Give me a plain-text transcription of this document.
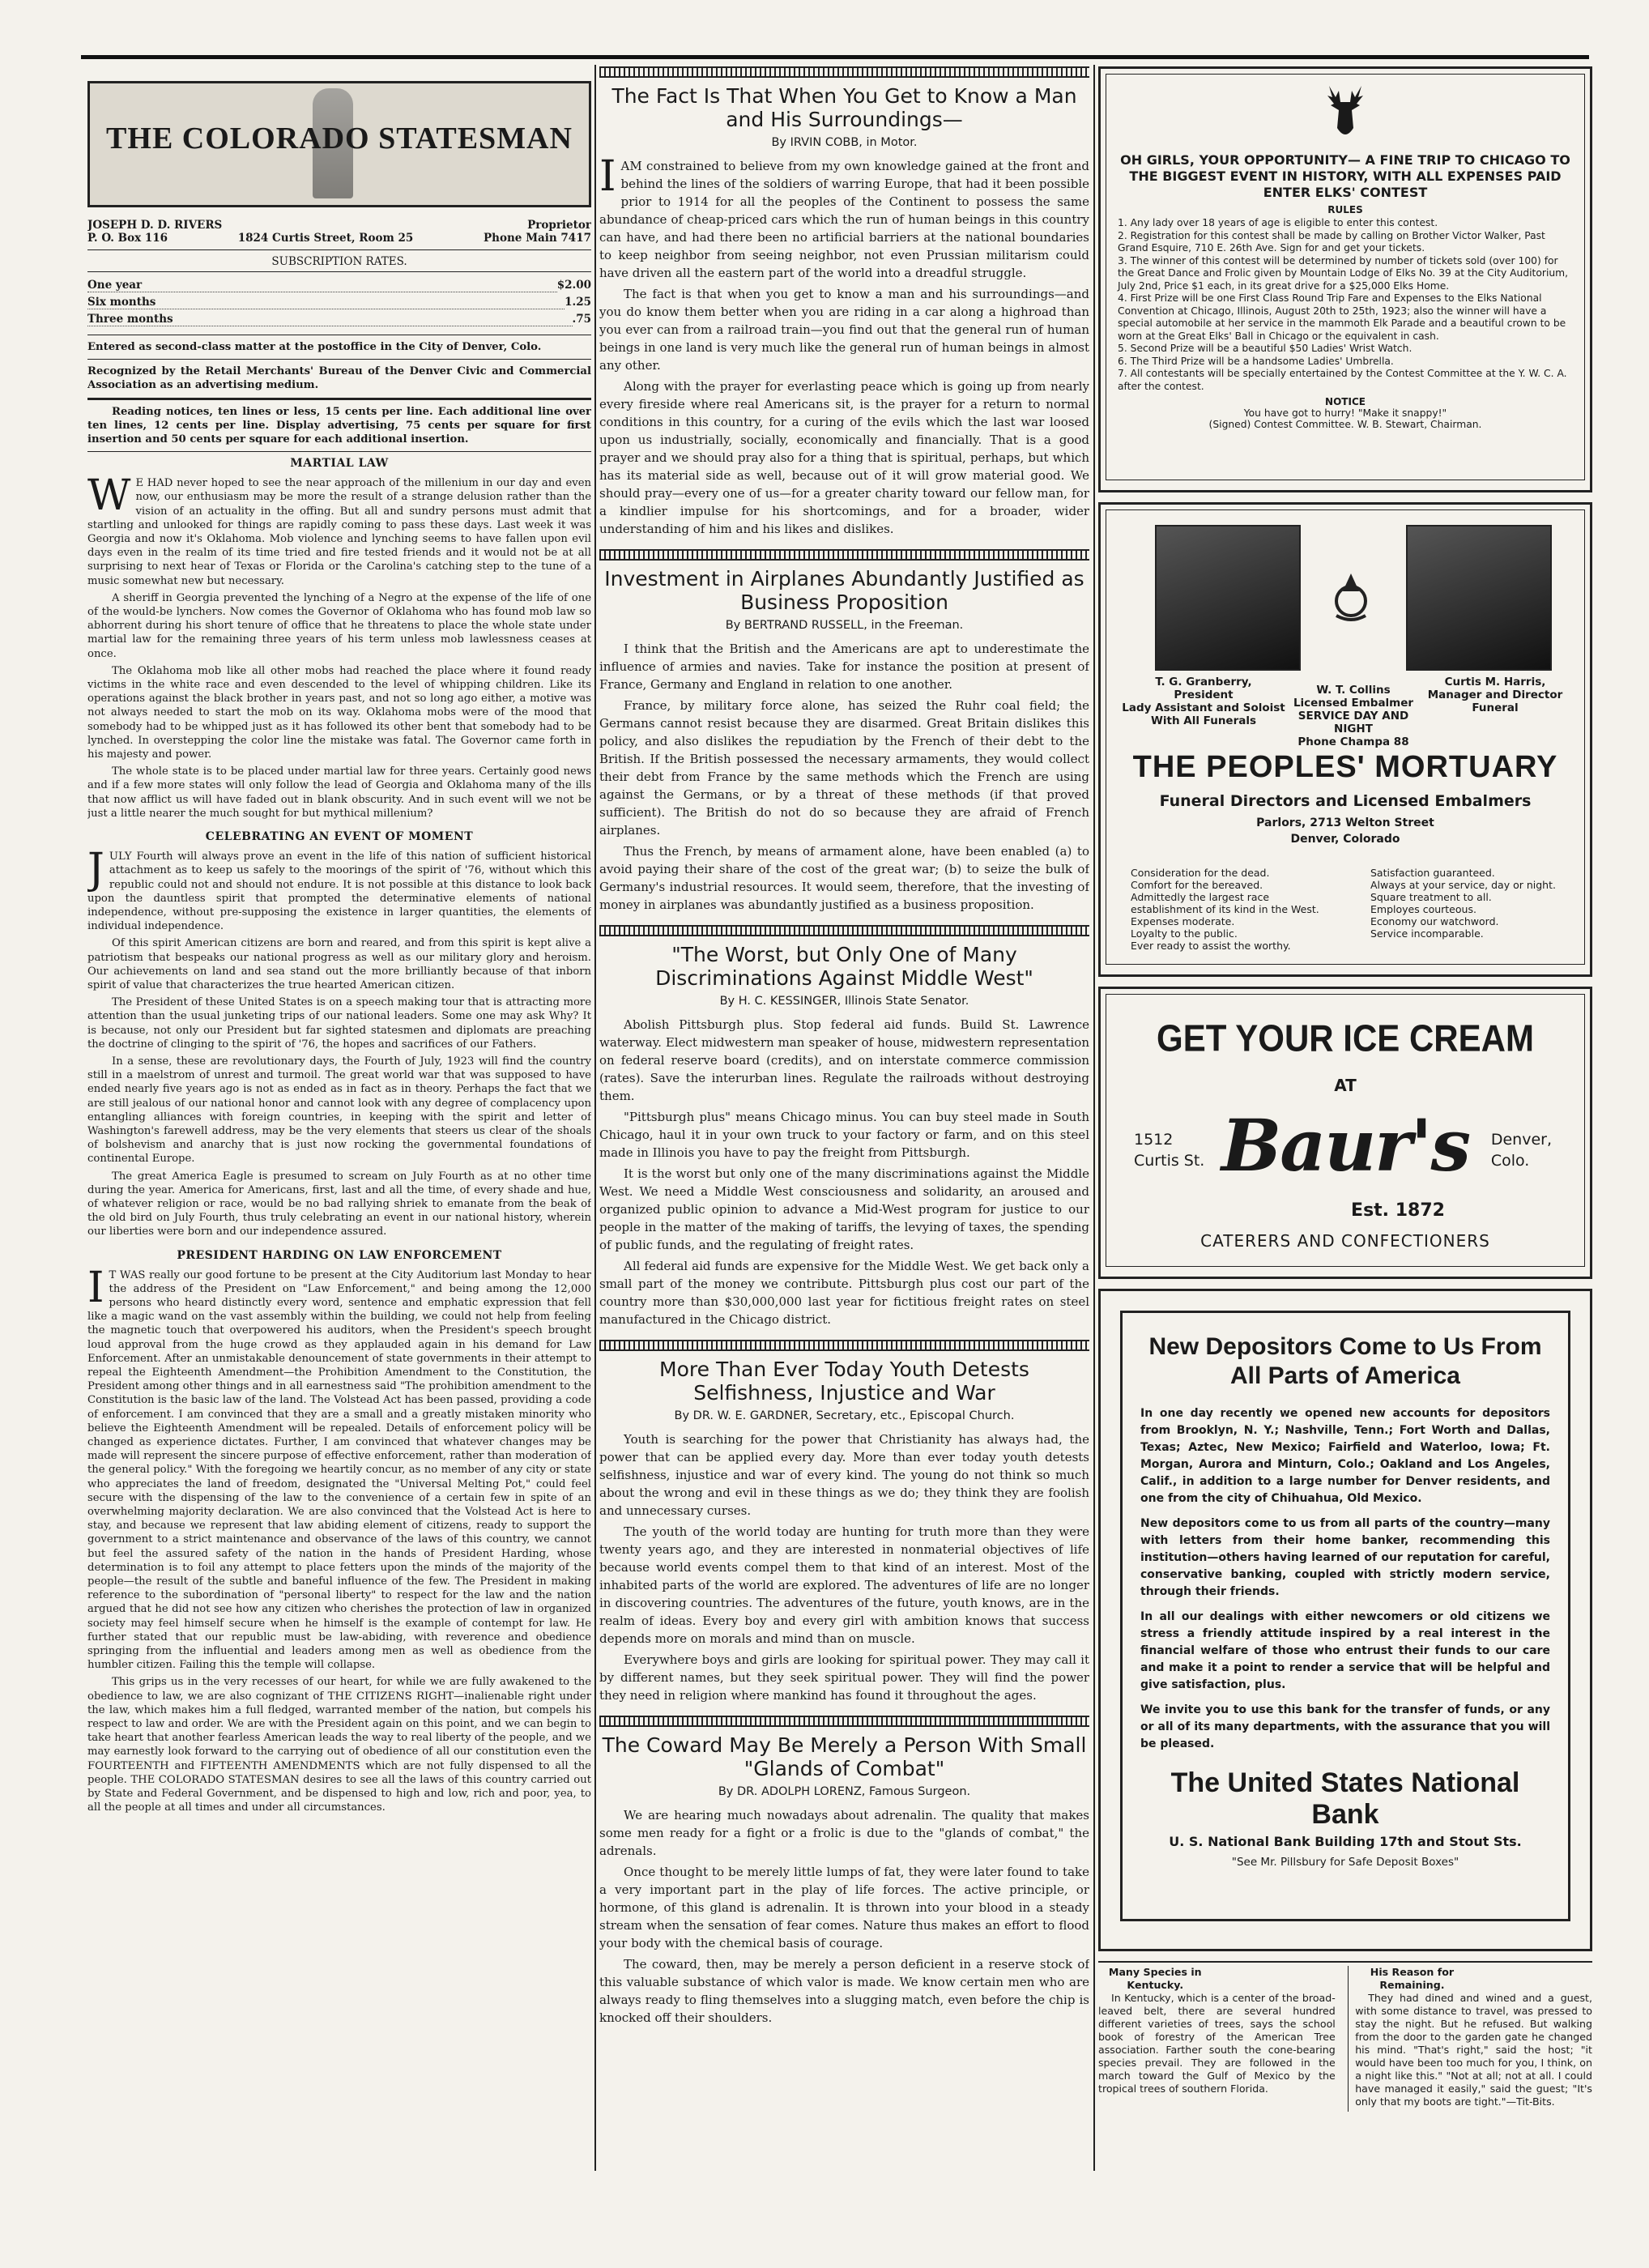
THE COLORADO STATESMAN
JOSEPH D. D. RIVERS	Proprietor
P. O. Box 116	1824 Curtis Street, Room 25	Phone Main 7417
SUBSCRIPTION RATES.
One year	$2.00
Six months	1.25
Three months	.75

Entered as second-class matter at the postoffice in the City of Denver, Colo.

Recognized by the Retail Merchants' Bureau of the Denver Civic and Commercial Association as an advertising medium.

Reading notices, ten lines or less, 15 cents per line. Each additional line over ten lines, 12 cents per line. Display advertising, 75 cents per square for first insertion and 50 cents per square for each additional insertion.

MARTIAL LAW

W E HAD never hoped to see the near approach of the millenium in our day and even now, our enthusiasm may be more the result of a strange delusion rather than the vision of an actuality in the offing. But all and sundry persons must admit that startling and unlooked for things are rapidly coming to pass these days. Last week it was Georgia and now it's Oklahoma. Mob violence and lynching seems to have fallen upon evil days even in the realm of its time tried and fire tested friends and it would not be at all surprising to next hear of Texas or Florida or the Carolina's catching step to the tune of a music somewhat new but necessary.

A sheriff in Georgia prevented the lynching of a Negro at the expense of the life of one of the would-be lynchers. Now comes the Governor of Oklahoma who has found mob law so abhorrent during his short tenure of office that he threatens to place the whole state under martial law for the remaining three years of his term unless mob lawlessness ceases at once.

The Oklahoma mob like all other mobs had reached the place where it found ready victims in the white race and even descended to the level of whipping children. Like its operations against the black brother in years past, and not so long ago either, a motive was not always needed to start the mob on its way. Oklahoma mobs were of the mood that somebody had to be whipped just as it has followed its other bent that somebody had to be lynched. In overstepping the color line the mistake was fatal. The Governor came forth in his majesty and power.

The whole state is to be placed under martial law for three years. Certainly good news and if a few more states will only follow the lead of Georgia and Oklahoma many of the ills that now afflict us will have faded out in blank obscurity. And in such event will we not be just a little nearer the much sought for but mythical millenium?

CELEBRATING AN EVENT OF MOMENT

JULY Fourth will always prove an event in the life of this nation of sufficient historical attachment as to keep us safely to the moorings of the spirit of '76, without which this republic could not and should not endure. It is not possible at this distance to look back upon the dauntless spirit that prompted the determinative elements of national independence, without pre-supposing the existence in larger quantities, the elements of individual independence.

Of this spirit American citizens are born and reared, and from this spirit is kept alive a patriotism that bespeaks our national progress as well as our military glory and heroism. Our achievements on land and sea stand out the more brilliantly because of that inborn spirit of value that characterizes the true hearted American citizen.

The President of these United States is on a speech making tour that is attracting more attention than the usual junketing trips of our national leaders. Some one may ask Why? It is because, not only our President but far sighted statesmen and diplomats are preaching the doctrine of clinging to the spirit of '76, the hopes and sacrifices of our Fathers.

In a sense, these are revolutionary days, the Fourth of July, 1923 will find the country still in a maelstrom of unrest and turmoil. The great world war that was supposed to have ended nearly five years ago is not as ended as in fact as in theory. Perhaps the fact that we are still jealous of our national honor and cannot look with any degree of complacency upon entangling alliances with foreign countries, in keeping with the spirit and letter of Washington's farewell address, may be the very elements that steers us clear of the shoals of bolshevism and anarchy that is just now rocking the governmental foundations of continental Europe.

The great America Eagle is presumed to scream on July Fourth as at no other time during the year. America for Americans, first, last and all the time, of every shade and hue, of whatever religion or race, would be no bad rallying shriek to emanate from the beak of the old bird on July Fourth, thus truly celebrating an event in our national history, wherein our liberties were born and our independence assured.

PRESIDENT HARDING ON LAW ENFORCEMENT

I T WAS really our good fortune to be present at the City Auditorium last Monday to hear the address of the President on "Law Enforcement," and being among the 12,000 persons who heard distinctly every word, sentence and emphatic expression that fell like a magic wand on the vast assembly within the building, we could not help from feeling the magnetic touch that overpowered his auditors, when the President's speech brought loud approval from the huge crowd as they applauded again in his demand for Law Enforcement. After an unmistakable denouncement of state governments in their attempt to repeal the Eighteenth Amendment—the Prohibition Amendment to the Constitution, the President among other things and in all earnestness said "The prohibition amendment to the Constitution is the basic law of the land. The Volstead Act has been passed, providing a code of enforcement. I am convinced that they are a small and a greatly mistaken minority who believe the Eighteenth Amendment will be repealed. Details of enforcement policy will be changed as experience dictates. Further, I am convinced that whatever changes may be made will represent the sincere purpose of effective enforcement, rather than moderation of the general policy." With the foregoing we heartily concur, as no member of any city or state who appreciates the land of freedom, designated the "Universal Melting Pot," could feel secure with the dispensing of the law to the convenience of a certain few in spite of an overwhelming majority declaration. We are also convinced that the Volstead Act is here to stay, and because we represent that law abiding element of citizens, ready to support the government to a strict maintenance and observance of the laws of this country, we cannot but feel the assured safety of the nation in the hands of President Harding, whose determination is to foil any attempt to place fetters upon the minds of the majority of the people—the result of the subtle and baneful influence of the few. The President in making reference to the subordination of "personal liberty" to respect for the law and the nation argued that he did not see how any citizen who cherishes the protection of law in organized society may feel himself secure when he himself is the example of contempt for law. He further stated that our republic must be law-abiding, with reverence and obedience springing from the influential and leaders among men as well as obedience from the humbler citizen. Failing this the temple will collapse.

This grips us in the very recesses of our heart, for while we are fully awakened to the obedience to law, we are also cognizant of THE CITIZENS RIGHT—inalienable right under the law, which makes him a full fledged, warranted member of the nation, but compels his respect to law and order. We are with the President again on this point, and we can begin to take heart that another fearless American leads the way to real liberty of the people, and we may earnestly look forward to the carrying out of obedience of all our constitution even the FOURTEENTH and FIFTEENTH AMENDMENTS which are not fully dispensed to all the people. THE COLORADO STATESMAN desires to see all the laws of this country carried out by State and Federal Government, and be dispensed to high and low, rich and poor, yea, to all the people at all times and under all circumstances.

The Fact Is That When You Get to Know a Man and His Surroundings—
By IRVIN COBB, in Motor.

IAM constrained to believe from my own knowledge gained at the front and behind the lines of the soldiers of warring Europe, that had it been possible prior to 1914 for all the peoples of the Continent to possess the same abundance of cheap-priced cars which the run of human beings in this country can have, and had there been no artificial barriers at the national boundaries to keep neighbor from seeing neighbor, not even Prussian militarism could have driven all the eastern part of the world into a dreadful struggle.

The fact is that when you get to know a man and his surroundings—and you do know them better when you are riding in a car along a highroad than you ever can from a railroad train—you find out that the general run of human beings in one land is very much like the general run of human beings in almost any other.

Along with the prayer for everlasting peace which is going up from nearly every fireside where real Americans sit, is the prayer for a return to normal conditions in this country, for a curing of the evils which the last war loosed upon us industrially, socially, economically and financially. That is a good prayer and we should pray also for a thing that is spiritual, perhaps, but which has its material side as well, because out of it will grow material good. We should pray—every one of us—for a greater charity toward our fellow man, for a kindlier impulse for his shortcomings, and for a broader, wider understanding of him and his likes and dislikes.

Investment in Airplanes Abundantly Justified as Business Proposition
By BERTRAND RUSSELL, in the Freeman.

I think that the British and the Americans are apt to underestimate the influence of armies and navies. Take for instance the position at present of France, Germany and England in relation to one another.

France, by military force alone, has seized the Ruhr coal field; the Germans cannot resist because they are disarmed. Great Britain dislikes this policy, and also dislikes the repudiation by the French of their debt to the British. If the British possessed the necessary armaments, they would collect their debt from France by the same methods which the French are using against the Germans, or by a threat of these methods (if that proved sufficient). The British do not do so because they are afraid of French airplanes.

Thus the French, by means of armament alone, have been enabled (a) to avoid paying their share of the cost of the great war; (b) to seize the bulk of Germany's industrial resources. It would seem, therefore, that the investing of money in airplanes was abundantly justified as a business proposition.

"The Worst, but Only One of Many Discriminations Against Middle West"
By H. C. KESSINGER, Illinois State Senator.

Abolish Pittsburgh plus. Stop federal aid funds. Build St. Lawrence waterway. Elect midwestern man speaker of house, midwestern representation on federal reserve board (credits), and on interstate commerce commission (rates). Save the interurban lines. Regulate the railroads without destroying them.

"Pittsburgh plus" means Chicago minus. You can buy steel made in South Chicago, haul it in your own truck to your factory or farm, and on this steel made in Illinois you have to pay the freight from Pittsburgh.

It is the worst but only one of the many discriminations against the Middle West. We need a Middle West consciousness and solidarity, an aroused and organized public opinion to advance a Mid-West program for justice to our people in the matter of the making of tariffs, the levying of taxes, the spending of public funds, and the regulating of freight rates.

All federal aid funds are expensive for the Middle West. We get back only a small part of the money we contribute. Pittsburgh plus cost our part of the country more than $30,000,000 last year for fictitious freight rates on steel manufactured in the Chicago district.

More Than Ever Today Youth Detests Selfishness, Injustice and War
By DR. W. E. GARDNER, Secretary, etc., Episcopal Church.

Youth is searching for the power that Christianity has always had, the power that can be applied every day. More than ever today youth detests selfishness, injustice and war of every kind. The young do not think so much about the wrong and evil in these things as we do; they think they are foolish and unnecessary curses.

The youth of the world today are hunting for truth more than they were twenty years ago, and they are interested in nonmaterial objectives of life because world events compel them to that kind of an interest. Most of the inhabited parts of the world are explored. The adventures of life are no longer in discovering countries. The adventures of the future, youth knows, are in the realm of ideas. Every boy and every girl with ambition knows that success depends more on morals and mind than on muscle.

Everywhere boys and girls are looking for spiritual power. They may call it by different names, but they seek spiritual power. They will find the power they need in religion where mankind has found it throughout the ages.

The Coward May Be Merely a Person With Small "Glands of Combat"
By DR. ADOLPH LORENZ, Famous Surgeon.

We are hearing much nowadays about adrenalin. The quality that makes some men ready for a fight or a frolic is due to the "glands of combat," the adrenals.

Once thought to be merely little lumps of fat, they were later found to take a very important part in the play of life forces. The active principle, or hormone, of this gland is adrenalin. It is thrown into your blood in a steady stream when the sensation of fear comes. Nature thus makes an effort to flood your body with the chemical basis of courage.

The coward, then, may be merely a person deficient in a reserve stock of this valuable substance of which valor is made. We know certain men who are always ready to fling themselves into a slugging match, even before the chip is knocked off their shoulders.

OH GIRLS, YOUR OPPORTUNITY— A FINE TRIP TO CHICAGO TO THE BIGGEST EVENT IN HISTORY, WITH ALL EXPENSES PAID
ENTER ELKS' CONTEST
RULES
1. Any lady over 18 years of age is eligible to enter this contest.
2. Registration for this contest shall be made by calling on Brother Victor Walker, Past Grand Esquire, 710 E. 26th Ave. Sign for and get your tickets.
3. The winner of this contest will be determined by number of tickets sold (over 100) for the Great Dance and Frolic given by Mountain Lodge of Elks No. 39 at the City Auditorium, July 2nd, Price $1 each, in its great drive for a $25,000 Elks Home.
4. First Prize will be one First Class Round Trip Fare and Expenses to the Elks National Convention at Chicago, Illinois, August 20th to 25th, 1923; also the winner will have a special automobile at her service in the mammoth Elk Parade and a beautiful crown to be worn at the Great Elks' Ball in Chicago or the equivalent in cash.
5. Second Prize will be a beautiful $50 Ladies' Wrist Watch.
6. The Third Prize will be a handsome Ladies' Umbrella.
7. All contestants will be specially entertained by the Contest Committee at the Y. W. C. A. after the contest.
NOTICE
You have got to hurry! "Make it snappy!"
(Signed) Contest Committee. W. B. Stewart, Chairman.
T. G. Granberry,
President
Lady Assistant and Soloist With All Funerals
W. T. Collins
Licensed Embalmer
SERVICE DAY AND NIGHT
Phone Champa 88
Curtis M. Harris,
Manager and Director Funeral
THE PEOPLES' MORTUARY
Funeral Directors and Licensed Embalmers
Parlors, 2713 Welton Street
Denver, Colorado
Consideration for the dead.
Comfort for the bereaved.
Admittedly the largest race establishment of its kind in the West.
Expenses moderate.
Loyalty to the public.
Ever ready to assist the worthy.
Satisfaction guaranteed.
Always at your service, day or night.
Square treatment to all.
Employes courteous.
Economy our watchword.
Service incomparable.
GET YOUR ICE CREAM
AT
1512
Curtis St.
Denver,
Colo.
Baur's
Est. 1872
CATERERS AND CONFECTIONERS
New Depositors Come to Us From All Parts of America

In one day recently we opened new accounts for depositors from Brooklyn, N. Y.; Nashville, Tenn.; Fort Worth and Dallas, Texas; Aztec, New Mexico; Fairfield and Waterloo, Iowa; Ft. Morgan, Aurora and Minturn, Colo.; Oakland and Los Angeles, Calif., in addition to a large number for Denver residents, and one from the city of Chihuahua, Old Mexico.

New depositors come to us from all parts of the country—many with letters from their home banker, recommending this institution—others having learned of our reputation for careful, conservative banking, coupled with strictly modern service, through their friends.

In all our dealings with either newcomers or old citizens we stress a friendly attitude inspired by a real interest in the financial welfare of those who entrust their funds to our care and make it a point to render a service that will be helpful and give satisfaction, plus.

We invite you to use this bank for the transfer of funds, or any or all of its many departments, with the assurance that you will be pleased.

The United States National Bank
U. S. National Bank Building 17th and Stout Sts.
"See Mr. Pillsbury for Safe Deposit Boxes"
Many Species in Kentucky.

In Kentucky, which is a center of the broad-leaved belt, there are several hundred different varieties of trees, says the school book of forestry of the American Tree association. Farther south the cone-bearing species prevail. They are followed in the march toward the Gulf of Mexico by the tropical trees of southern Florida.

His Reason for Remaining.

They had dined and wined and a guest, with some distance to travel, was pressed to stay the night. But he refused. But walking from the door to the garden gate he changed his mind. "That's right," said the host; "it would have been too much for you, I think, on a night like this." "Not at all; not at all. I could have managed it easily," said the guest; "It's only that my boots are tight."—Tit-Bits.
